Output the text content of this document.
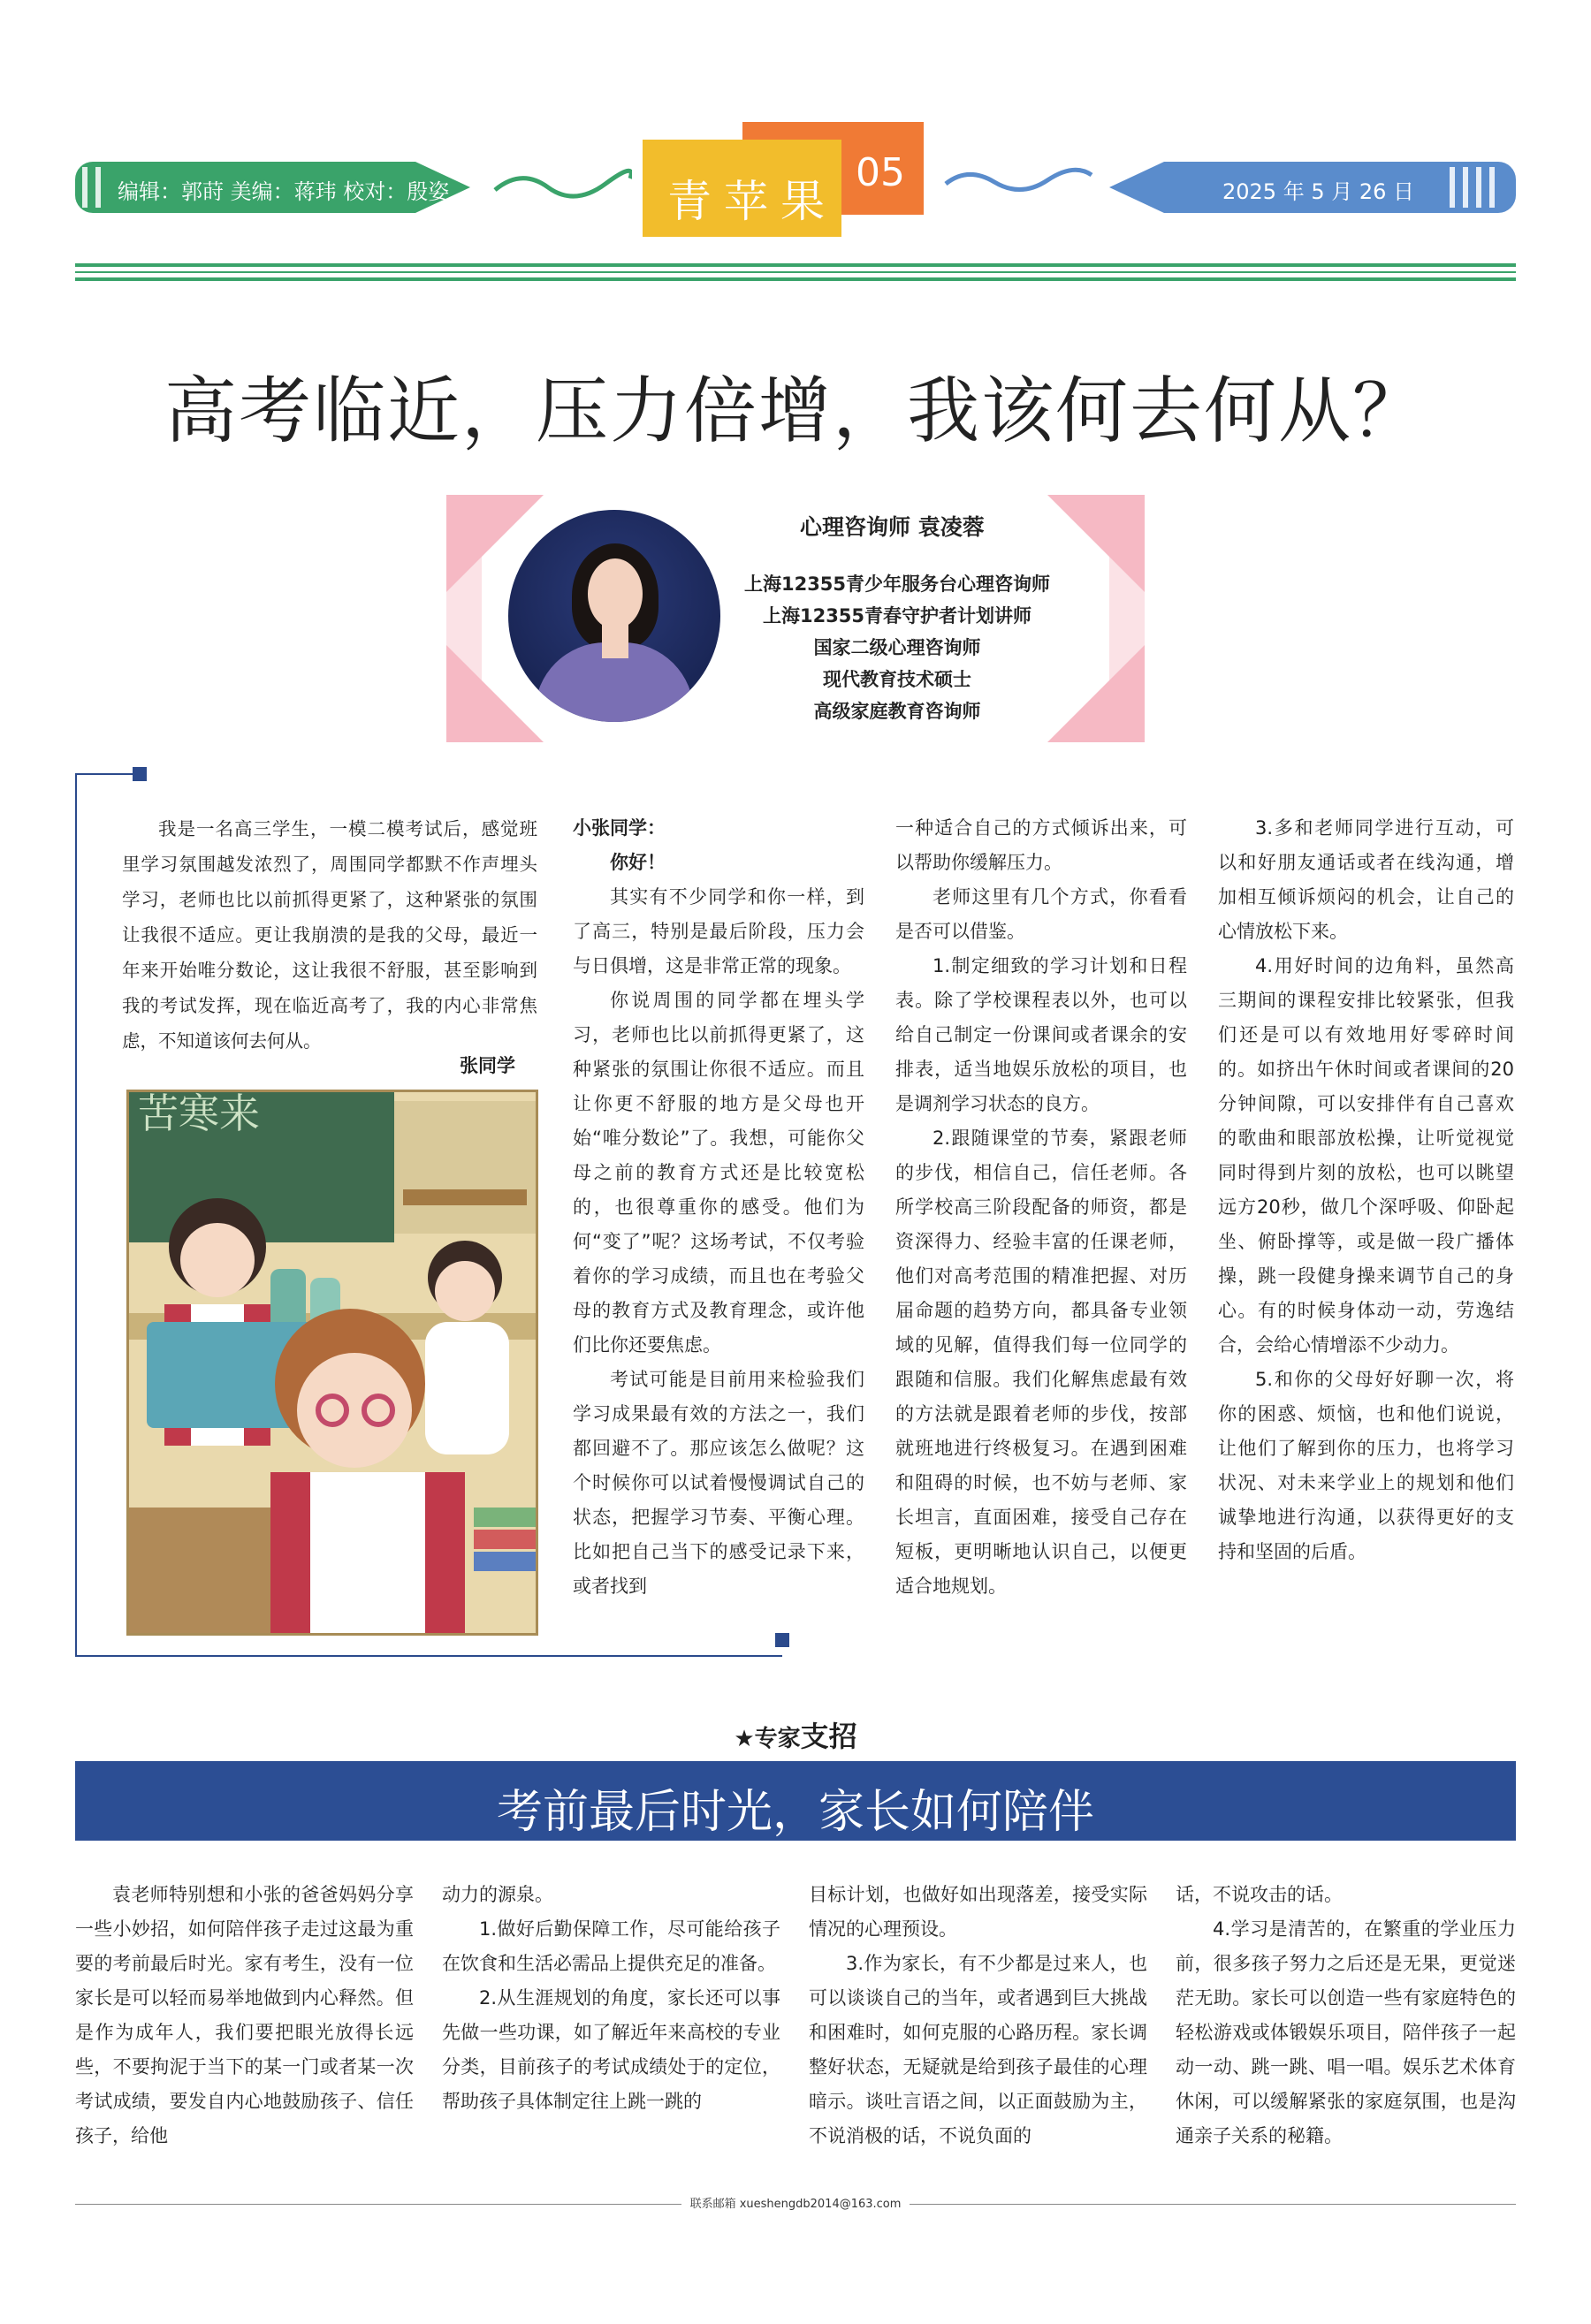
编辑：郭莳 美编：蒋玮 校对：殷姿	05
青苹果	2025 年 5 月 26 日
高考临近，压力倍增，我该何去何从？
心理咨询师 袁凌蓉
上海12355青少年服务台心理咨询师
上海12355青春守护者计划讲师
国家二级心理咨询师
现代教育技术硕士
高级家庭教育咨询师
我是一名高三学生，一模二模考试后，感觉班里学习氛围越发浓烈了，周围同学都默不作声埋头学习，老师也比以前抓得更紧了，这种紧张的氛围让我很不适应。更让我崩溃的是我的父母，最近一年来开始唯分数论，这让我很不舒服，甚至影响到我的考试发挥，现在临近高考了，我的内心非常焦虑，不知道该何去何从。
张同学
苦寒来

小张同学：

你好！

其实有不少同学和你一样，到了高三，特别是最后阶段，压力会与日俱增，这是非常正常的现象。

你说周围的同学都在埋头学习，老师也比以前抓得更紧了，这种紧张的氛围让你很不适应。而且让你更不舒服的地方是父母也开始“唯分数论”了。我想，可能你父母之前的教育方式还是比较宽松的，也很尊重你的感受。他们为何“变了”呢？这场考试，不仅考验着你的学习成绩，而且也在考验父母的教育方式及教育理念，或许他们比你还要焦虑。

考试可能是目前用来检验我们学习成果最有效的方法之一，我们都回避不了。那应该怎么做呢？这个时候你可以试着慢慢调试自己的状态，把握学习节奏、平衡心理。比如把自己当下的感受记录下来，或者找到

一种适合自己的方式倾诉出来，可以帮助你缓解压力。

老师这里有几个方式，你看看是否可以借鉴。

1.制定细致的学习计划和日程表。除了学校课程表以外，也可以给自己制定一份课间或者课余的安排表，适当地娱乐放松的项目，也是调剂学习状态的良方。

2.跟随课堂的节奏，紧跟老师的步伐，相信自己，信任老师。各所学校高三阶段配备的师资，都是资深得力、经验丰富的任课老师，他们对高考范围的精准把握、对历届命题的趋势方向，都具备专业领域的见解，值得我们每一位同学的跟随和信服。我们化解焦虑最有效的方法就是跟着老师的步伐，按部就班地进行终极复习。在遇到困难和阻碍的时候，也不妨与老师、家长坦言，直面困难，接受自己存在短板，更明晰地认识自己，以便更适合地规划。

3.多和老师同学进行互动，可以和好朋友通话或者在线沟通，增加相互倾诉烦闷的机会，让自己的心情放松下来。

4.用好时间的边角料，虽然高三期间的课程安排比较紧张，但我们还是可以有效地用好零碎时间的。如挤出午休时间或者课间的20分钟间隙，可以安排伴有自己喜欢的歌曲和眼部放松操，让听觉视觉同时得到片刻的放松，也可以眺望远方20秒，做几个深呼吸、仰卧起坐、俯卧撑等，或是做一段广播体操，跳一段健身操来调节自己的身心。有的时候身体动一动，劳逸结合，会给心情增添不少动力。

5.和你的父母好好聊一次，将你的困惑、烦恼，也和他们说说，让他们了解到你的压力，也将学习状况、对未来学业上的规划和他们诚挚地进行沟通，以获得更好的支持和坚固的后盾。

★专家支招
考前最后时光，家长如何陪伴

袁老师特别想和小张的爸爸妈妈分享一些小妙招，如何陪伴孩子走过这最为重要的考前最后时光。家有考生，没有一位家长是可以轻而易举地做到内心释然。但是作为成年人，我们要把眼光放得长远些，不要拘泥于当下的某一门或者某一次考试成绩，要发自内心地鼓励孩子、信任孩子，给他

动力的源泉。

1.做好后勤保障工作，尽可能给孩子在饮食和生活必需品上提供充足的准备。

2.从生涯规划的角度，家长还可以事先做一些功课，如了解近年来高校的专业分类，目前孩子的考试成绩处于的定位，帮助孩子具体制定往上跳一跳的

目标计划，也做好如出现落差，接受实际情况的心理预设。

3.作为家长，有不少都是过来人，也可以谈谈自己的当年，或者遇到巨大挑战和困难时，如何克服的心路历程。家长调整好状态，无疑就是给到孩子最佳的心理暗示。谈吐言语之间，以正面鼓励为主，不说消极的话，不说负面的

话，不说攻击的话。

4.学习是清苦的，在繁重的学业压力前，很多孩子努力之后还是无果，更觉迷茫无助。家长可以创造一些有家庭特色的轻松游戏或体锻娱乐项目，陪伴孩子一起动一动、跳一跳、唱一唱。娱乐艺术体育休闲，可以缓解紧张的家庭氛围，也是沟通亲子关系的秘籍。

联系邮箱 xueshengdb2014@163.com
